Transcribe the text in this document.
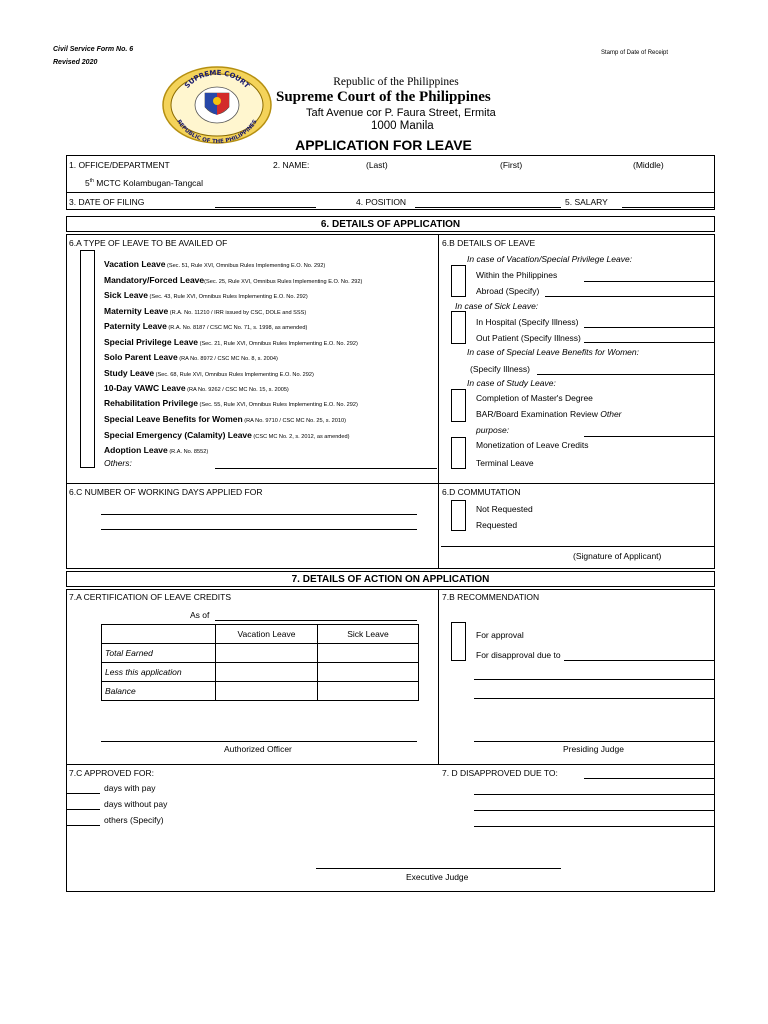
Civil Service Form No. 6
Revised 2020
Stamp of Date of Receipt
SUPREME COURT
REPUBLIC OF THE PHILIPPINES
Republic of the Philippines
Supreme Court of the Philippines
Taft Avenue cor P. Faura Street, Ermita
1000 Manila
APPLICATION FOR LEAVE
1. OFFICE/DEPARTMENT	2. NAME:	(Last)	(First)	(Middle)
5th MCTC Kolambugan-Tangcal
3. DATE OF FILING	4. POSITION	5. SALARY
6. DETAILS OF APPLICATION
6.A TYPE OF LEAVE TO BE AVAILED OF	6.B DETAILS OF LEAVE
Vacation Leave (Sec. 51, Rule XVI, Omnibus Rules Implementing E.O. No. 292)
Mandatory/Forced Leave(Sec. 25, Rule XVI, Omnibus Rules Implementing E.O. No. 292)
Sick Leave (Sec. 43, Rule XVI, Omnibus Rules Implementing E.O. No. 292)
Maternity Leave (R.A. No. 11210 / IRR issued by CSC, DOLE and SSS)
Paternity Leave (R.A. No. 8187 / CSC MC No. 71, s. 1998, as amended)
Special Privilege Leave (Sec. 21, Rule XVI, Omnibus Rules Implementing E.O. No. 292)
Solo Parent Leave (RA No. 8972 / CSC MC No. 8, s. 2004)
Study Leave (Sec. 68, Rule XVI, Omnibus Rules Implementing E.O. No. 292)
10-Day VAWC Leave (RA No. 9262 / CSC MC No. 15, s. 2005)
Rehabilitation Privilege (Sec. 55, Rule XVI, Omnibus Rules Implementing E.O. No. 292)
Special Leave Benefits for Women (RA No. 9710 / CSC MC No. 25, s. 2010)
Special Emergency (Calamity) Leave (CSC MC No. 2, s. 2012, as amended)
Adoption Leave (R.A. No. 8552)
Others:
In case of Vacation/Special Privilege Leave:
Within the Philippines
Abroad (Specify)
In case of Sick Leave:
In Hospital (Specify Illness)
Out Patient (Specify Illness)
In case of Special Leave Benefits for Women:
(Specify Illness)
In case of Study Leave:
Completion of Master's Degree
BAR/Board Examination Review Other
purpose:
Monetization of Leave Credits
Terminal Leave
6.C NUMBER OF WORKING DAYS APPLIED FOR	6.D COMMUTATION
Not Requested
Requested
(Signature of Applicant)
7. DETAILS OF ACTION ON APPLICATION
7.A CERTIFICATION OF LEAVE CREDITS
As of
	Vacation Leave	Sick Leave
Total Earned		
Less this application		
Balance		
Authorized Officer
7.B RECOMMENDATION
For approval
For disapproval due to
Presiding Judge
7.C APPROVED FOR:
days with pay
days without pay
others (Specify)
7. D DISAPPROVED DUE TO:
Executive Judge
